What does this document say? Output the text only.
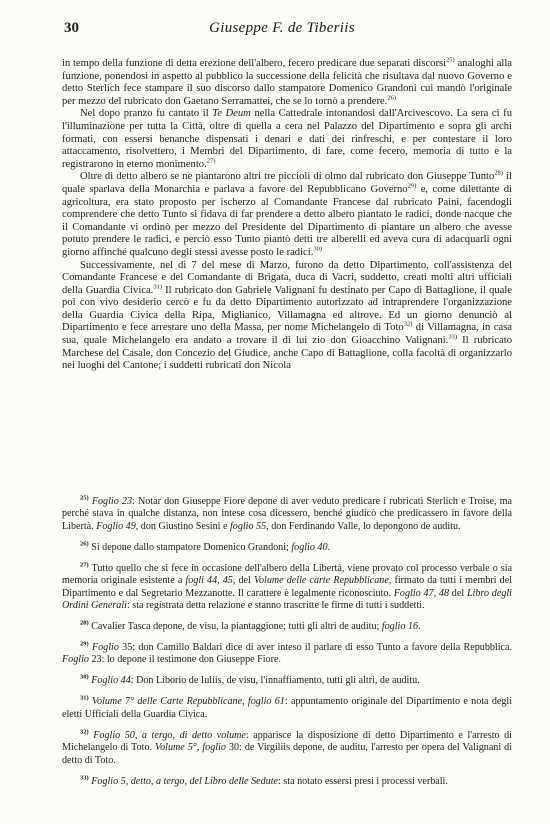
30	Giuseppe F. de Tiberiis

in tempo della funzione di detta erezione dell'albero, fecero predicare due separati discorsi$^{25)}$ analoghi alla funzione, ponendosi in aspetto al pubblico la successione della felicità che risultava dal nuovo Governo e detto Sterlich fece stampare il suo discorso dallo stampatore Domenico Grandoni cui mandò l'originale per mezzo del rubricato don Gaetano Serramattei, che se lo tornò a prendere.$^{26)}$

Nel dopo pranzo fu cantato il Te Deum nella Cattedrale intonandosi dall'Arcivescovo. La sera ci fu l'illuminazione per tutta la Città, oltre di quella a cera nel Palazzo del Dipartimento e sopra gli archi formati, con essersi benanche dispensati i denari e dati dei rinfreschi, e per contestare il loro attaccamento, risolvettero, i Membri del Dipartimento, di fare, come fecero, memoria di tutto e la registrarono in eterno monimento.$^{27)}$

Oltre di detto albero se ne piantarono altri tre piccioli di olmo dal rubricato don Giuseppe Tunto$^{28)}$ il quale sparlava della Monarchia e parlava a favore del Repubblicano Governo$^{29)}$ e, come dilettante di agricoltura, era stato proposto per ischerzo al Comandante Francese dal rubricato Paini, facendogli comprendere che detto Tunto si fidava di far prendere a detto albero piantato le radici, donde nacque che il Comandante vi ordinò per mezzo del Presidente del Dipartimento di piantare un albero che avesse potuto prendere le radici, e perciò esso Tunto piantò detti tre alberelli ed aveva cura di adacquarli ogni giorno affinché qualcuno degli stessi avesse posto le radici.$^{30)}$

Successivamente, nel dì 7 del mese di Marzo, furono da detto Dipartimento, coll'assistenza del Comandante Francese e del Comandante di Brigata, duca di Vacri, suddetto, creati molti altri ufficiali della Guardia Civica.$^{31)}$ Il rubricato don Gabriele Valignani fu destinato per Capo di Battaglione, il quale poi con vivo desiderio cercò e fu da detto Dipartimento autorizzato ad intraprendere l'organizzazione della Guardia Civica della Ripa, Miglianico, Villamagna ed altrove. Ed un giorno denunciò al Dipartimento e fece arrestare uno della Massa, per nome Michelangelo di Toto$^{32)}$ di Villamagna, in casa sua, quale Michelangelo era andato a trovare il di lui zio don Gioacchino Valignani.$^{33)}$ Il rubricato Marchese del Casale, don Concezio del Giudice, anche Capo di Battaglione, colla facoltà di organizzarlo nei luoghi del Cantone; i suddetti rubricati don Nicola

$^{25)}$ Foglio 23: Notar don Giuseppe Fiore depone di aver veduto predicare i rubricati Sterlich e Troise, ma perché stava in qualche distanza, non intese cosa dicessero, benché giudicò che predicassero in favore della Libertà. Foglio 49, don Giustino Sesini e foglio 55, don Ferdinando Valle, lo depongono de auditu.

$^{26)}$ Si depone dallo stampatore Domenico Grandoni; foglio 40.

$^{27)}$ Tutto quello che si fece in occasione dell'albero della Libertà, viene provato col processo verbale o sia memoria originale esistente a fogli 44, 45, del Volume delle carte Repubblicane, firmato da tutti i membri del Dipartimento e dal Segretario Mezzanotte. Il carattere è legalmente riconosciuto. Foglio 47, 48 del Libro degli Ordini Generali: sta registrata detta relazione e stanno trascritte le firme di tutti i suddetti.

$^{28)}$ Cavalier Tasca depone, de visu, la piantaggione; tutti gli altri de auditu; foglio 16.

$^{29)}$ Foglio 35: don Camillo Baldari dice di aver inteso il parlare di esso Tunto a favore della Repubblica. Foglio 23: lo depone il testimone don Giuseppe Fiore.

$^{30)}$ Foglio 44: Don Liborio de Iuliis, de visu, l'innaffiamento, tutti gli altri, de auditu.

$^{31)}$ Volume 7° delle Carte Repubblicane, foglio 61: appuntamento originale del Dipartimento e nota degli eletti Ufficiali della Guardia Civica.

$^{32)}$ Foglio 50, a tergo, di detto volume: apparisce la disposizione di detto Dipartimento e l'arresto di Michelangelo di Toto. Volume 5°, foglio 30: de Virgiliis depone, de auditu, l'arresto per opera del Valignani di detto di Toto.

$^{33)}$ Foglio 5, detto, a tergo, del Libro delle Sedute: sta notato essersi presi i processi verbali.
